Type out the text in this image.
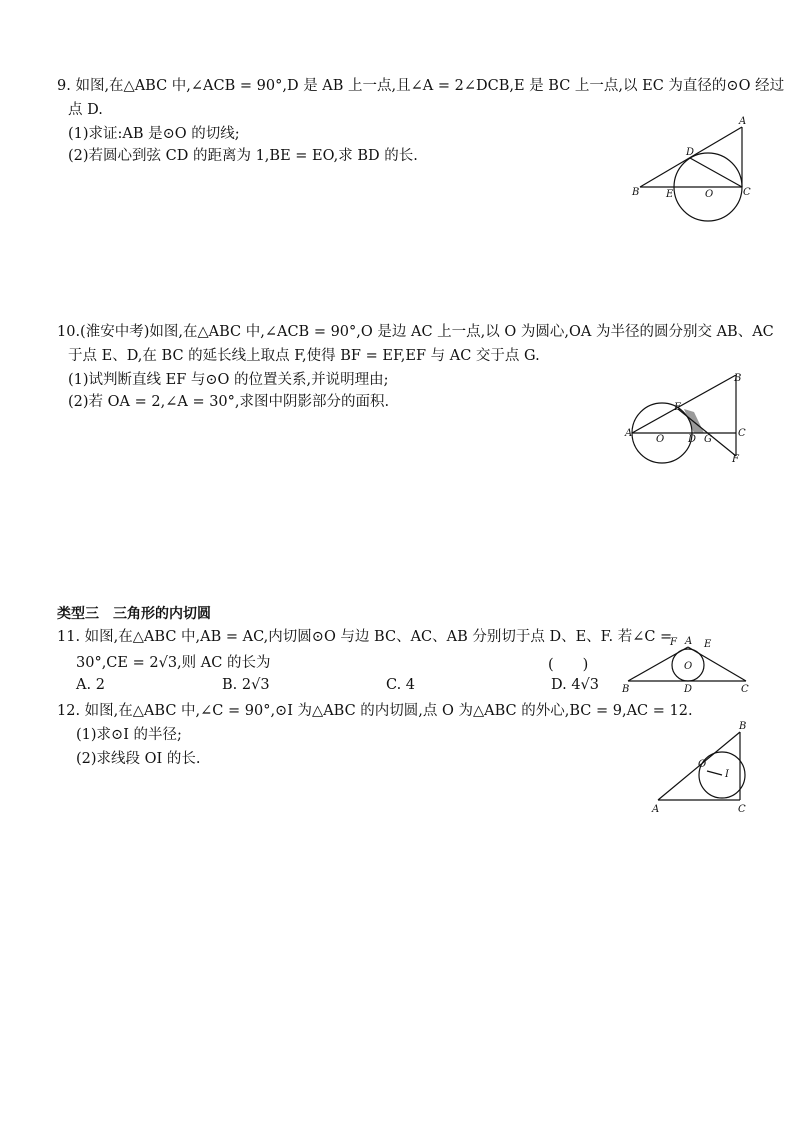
9. 如图,在△ABC 中,∠ACB = 90°,D 是 AB 上一点,且∠A = 2∠DCB,E 是 BC 上一点,以 EC 为直径的⊙O 经过
点 D.
(1)求证:AB 是⊙O 的切线;
(2)若圆心到弦 CD 的距离为 1,BE = EO,求 BD 的长.
A
D
B	E	O	C
10.(淮安中考)如图,在△ABC 中,∠ACB = 90°,O 是边 AC 上一点,以 O 为圆心,OA 为半径的圆分别交 AB、AC
于点 E、D,在 BC 的延长线上取点 F,使得 BF = EF,EF 与 AC 交于点 G.
(1)试判断直线 EF 与⊙O 的位置关系,并说明理由;
(2)若 OA = 2,∠A = 30°,求图中阴影部分的面积.
B
E
A
O D G
C
F
类型三　三角形的内切圆
11. 如图,在△ABC 中,AB = AC,内切圆⊙O 与边 BC、AC、AB 分别切于点 D、E、F. 若∠C =
30°,CE = 2√3,则 AC 的长为	(　　)
A. 2	B. 2√3	C. 4	D. 4√3
A
F	E
O
B	D	C
12. 如图,在△ABC 中,∠C = 90°,⊙I 为△ABC 的内切圆,点 O 为△ABC 的外心,BC = 9,AC = 12.
(1)求⊙I 的半径;
(2)求线段 OI 的长.
B
O
I
A	C
